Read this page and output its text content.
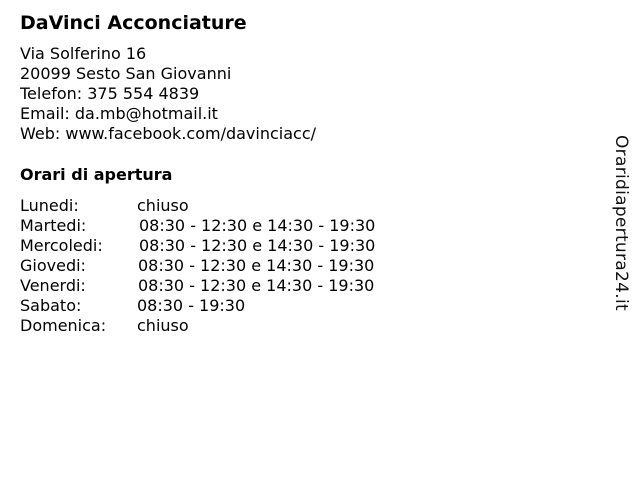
DaVinci Acconciature
Via Solferino 16
20099 Sesto San Giovanni
Telefon: 375 554 4839
Email: da.mb@hotmail.it
Web: www.facebook.com/davinciacc/
Orari di apertura
Lunedi:	chiuso
Martedi:	08:30 - 12:30 e 14:30 - 19:30
Mercoledi:	08:30 - 12:30 e 14:30 - 19:30
Giovedi:	08:30 - 12:30 e 14:30 - 19:30
Venerdi:	08:30 - 12:30 e 14:30 - 19:30
Sabato:	08:30 - 19:30
Domenica:	chiuso
Oraridiapertura24.it
